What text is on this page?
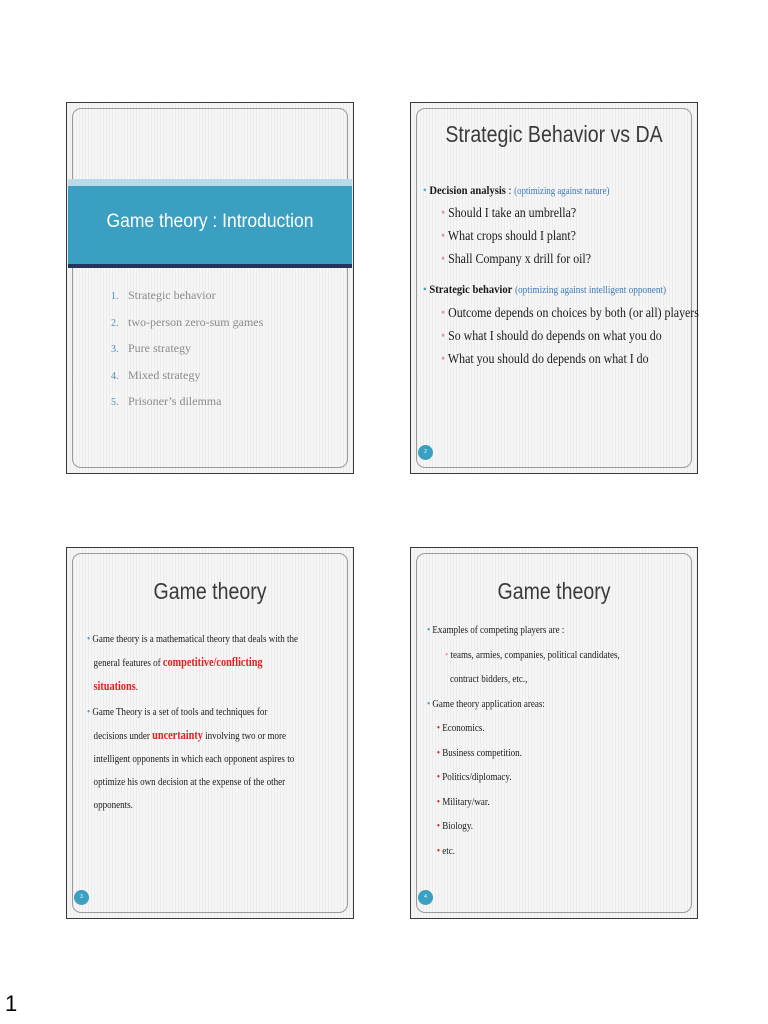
Game theory : Introduction
1. Strategic behavior
2. two-person zero-sum games
3. Pure strategy
4. Mixed strategy
5. Prisoner’s dilemma
Strategic Behavior vs DA
• Decision analysis : (optimizing against nature)
• Should I take an umbrella?
• What crops should I plant?
• Shall Company x drill for oil?
• Strategic behavior (optimizing against intelligent opponent)
• Outcome depends on choices by both (or all) players
• So what I should do depends on what you do
• What you should do depends on what I do
2
Game theory
• Game theory is a mathematical theory that deals with the
general features of competitive/conflicting
situations.
• Game Theory is a set of tools and techniques for
decisions under uncertainty involving two or more
intelligent opponents in which each opponent aspires to
optimize his own decision at the expense of the other
opponents.
3
Game theory
• Examples of competing players are :
• teams, armies, companies, political candidates,
contract bidders, etc.,
• Game theory application areas:
• Economics.
• Business competition.
• Politics/diplomacy.
• Military/war.
• Biology.
• etc.
4
1
